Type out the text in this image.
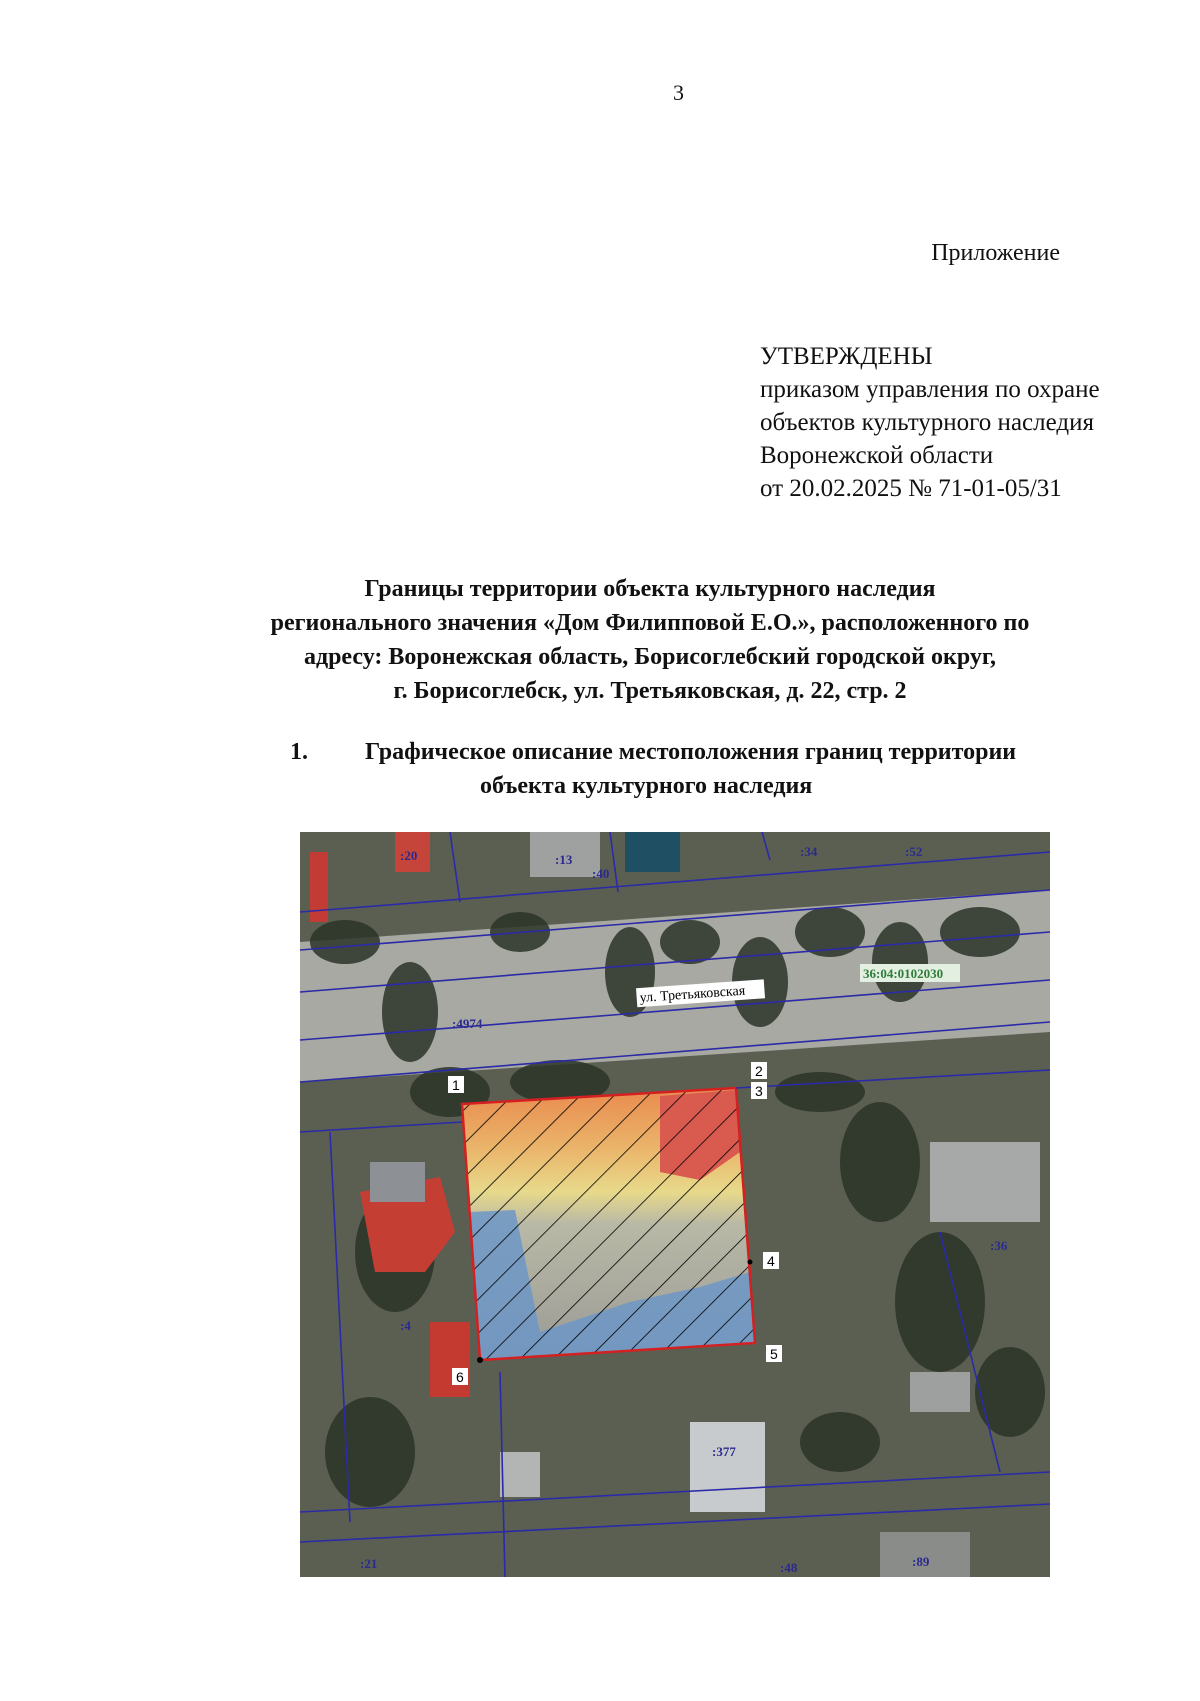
3
Приложение
УТВЕРЖДЕНЫ
приказом управления по охране
объектов культурного наследия
Воронежской области
от 20.02.2025 № 71-01-05/31
Границы территории объекта культурного наследия
регионального значения «Дом Филипповой Е.О.», расположенного по
адресу: Воронежская область, Борисоглебский городской округ,
г. Борисоглебск, ул. Третьяковская, д. 22, стр. 2
1. Графическое описание местоположения границ территории
объекта культурного наследия
36:04:0102030
ул. Третьяковская
:20	:13
:40
:34	:52
:4974
:36
:377
:21	:48	:89
:4
1
2
3
4
5
6
